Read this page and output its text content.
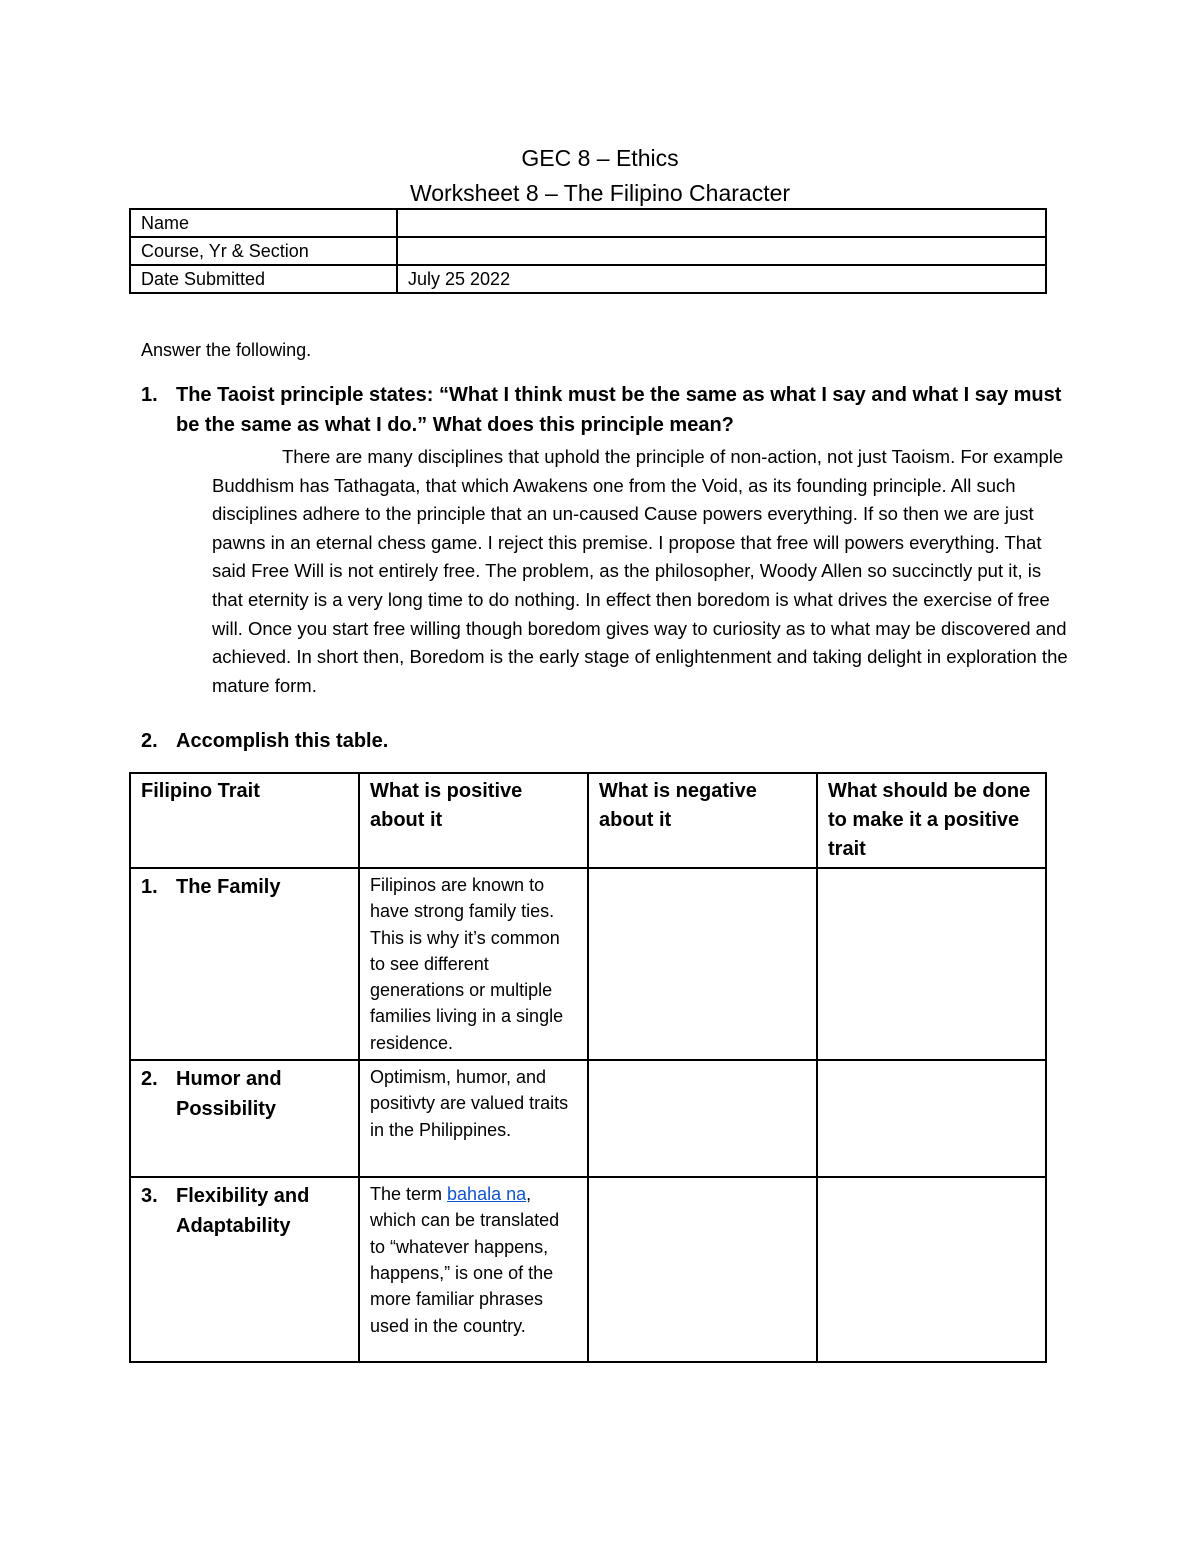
GEC 8 – Ethics
Worksheet 8 – The Filipino Character
Name	
Course, Yr & Section	
Date Submitted	July 25 2022
Answer the following.
1. The Taoist principle states: “What I think must be the same as what I say and what I say must be the same as what I do.” What does this principle mean?
There are many disciplines that uphold the principle of non-action, not just Taoism. For example Buddhism has Tathagata, that which Awakens one from the Void, as its founding principle. All such disciplines adhere to the principle that an un-caused Cause powers everything. If so then we are just pawns in an eternal chess game. I reject this premise. I propose that free will powers everything. That said Free Will is not entirely free. The problem, as the philosopher, Woody Allen so succinctly put it, is that eternity is a very long time to do nothing. In effect then boredom is what drives the exercise of free will. Once you start free willing though boredom gives way to curiosity as to what may be discovered and achieved. In short then, Boredom is the early stage of enlightenment and taking delight in exploration the mature form.
2. Accomplish this table.
Filipino Trait	What is positive about it	What is negative about it	What should be done to make it a positive trait

1. The Family	Filipinos are known to have strong family ties. This is why it’s common to see different generations or multiple families living in a single residence.		

2. Humor and Possibility	Optimism, humor, and positivty are valued traits in the Philippines.		

3. Flexibility and Adaptability	The term bahala na, which can be translated to “whatever happens, happens,” is one of the more familiar phrases used in the country.		
